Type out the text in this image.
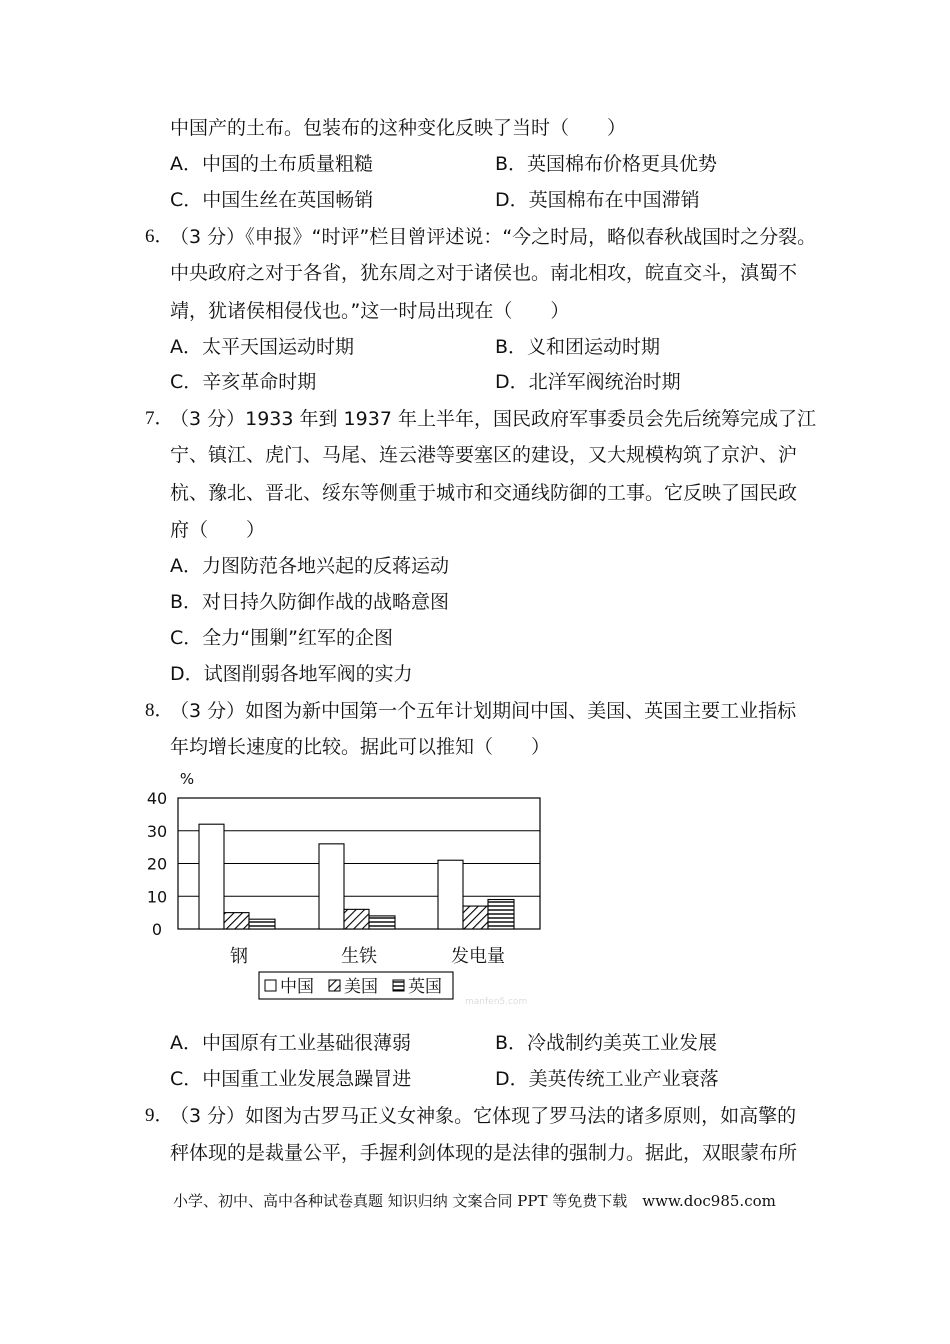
中国产的土布。包装布的这种变化反映了当时（　　）
A．中国的土布质量粗糙	B．英国棉布价格更具优势
C．中国生丝在英国畅销	D．英国棉布在中国滞销
6．
（3 分）《申报》“时评”栏目曾评述说：“今之时局，略似春秋战国时之分裂。
中央政府之对于各省，犹东周之对于诸侯也。南北相攻，皖直交斗，滇蜀不
靖，犹诸侯相侵伐也。”这一时局出现在（　　）
A．太平天国运动时期	B．义和团运动时期
C．辛亥革命时期	D．北洋军阀统治时期
7．
（3 分）1933 年到 1937 年上半年，国民政府军事委员会先后统筹完成了江
宁、镇江、虎门、马尾、连云港等要塞区的建设，又大规模构筑了京沪、沪
杭、豫北、晋北、绥东等侧重于城市和交通线防御的工事。它反映了国民政
府（　　）
A．力图防范各地兴起的反蒋运动
B．对日持久防御作战的战略意图
C．全力“围剿”红军的企图
D．试图削弱各地军阀的实力
8．
（3 分）如图为新中国第一个五年计划期间中国、美国、英国主要工业指标
年均增长速度的比较。据此可以推知（　　）
40
30
20
10
0
%
钢	生铁	发电量
中国 美国 英国
manfen5.com
A．中国原有工业基础很薄弱	B．冷战制约美英工业发展
C．中国重工业发展急躁冒进	D．美英传统工业产业衰落
9．
（3 分）如图为古罗马正义女神象。它体现了罗马法的诸多原则，如高擎的
秤体现的是裁量公平，手握利剑体现的是法律的强制力。据此，双眼蒙布所
小学、初中、高中各种试卷真题 知识归纳 文案合同 PPT 等免费下载　www.doc985.com
